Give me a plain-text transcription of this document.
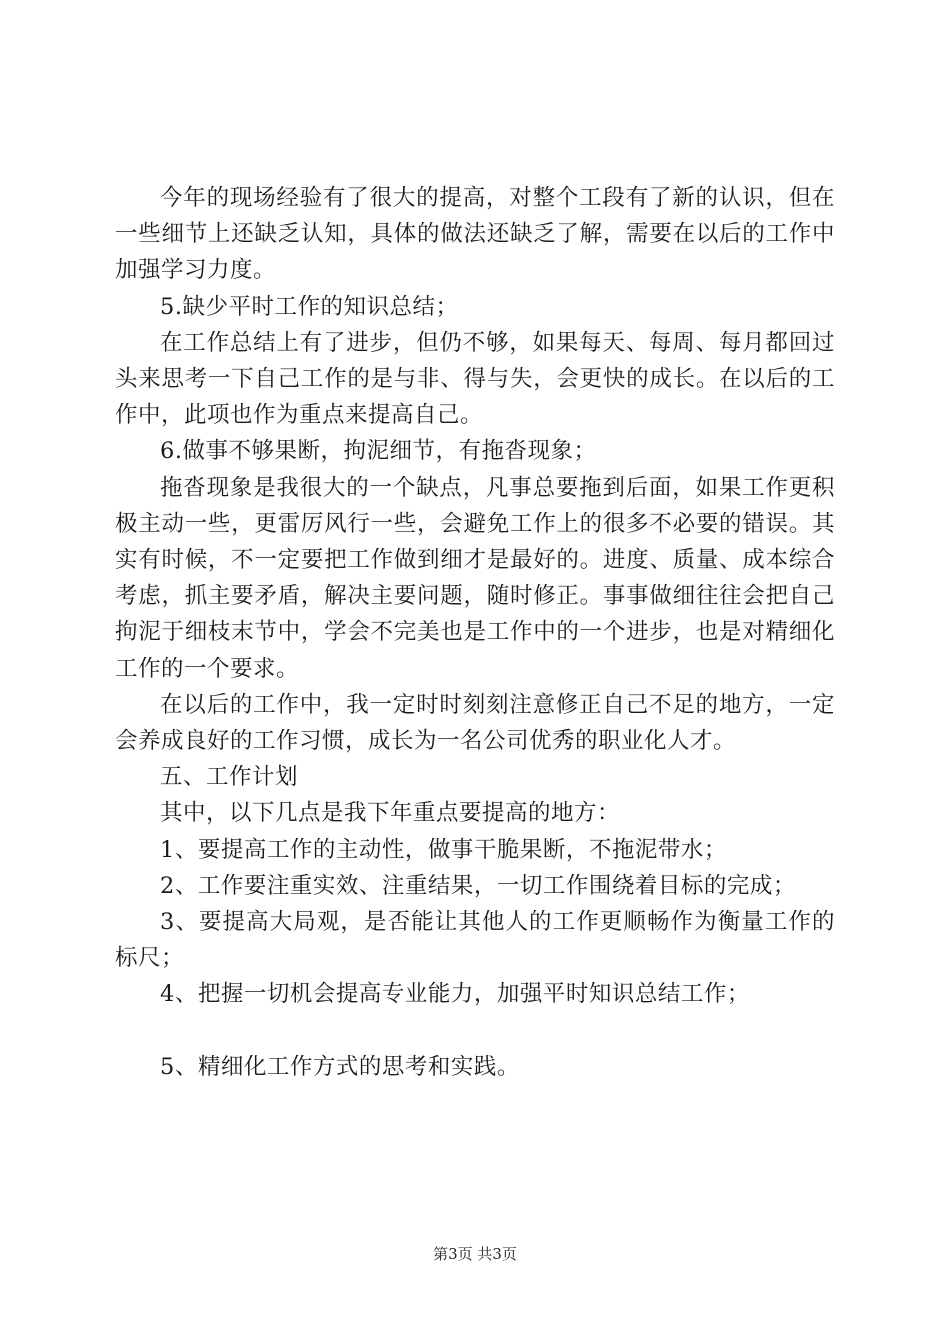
今年的现场经验有了很大的提高，对整个工段有了新的认识，但在一些细节上还缺乏认知，具体的做法还缺乏了解，需要在以后的工作中加强学习力度。

5.缺少平时工作的知识总结；

在工作总结上有了进步，但仍不够，如果每天、每周、每月都回过头来思考一下自己工作的是与非、得与失，会更快的成长。在以后的工作中，此项也作为重点来提高自己。

6.做事不够果断，拘泥细节，有拖沓现象；

拖沓现象是我很大的一个缺点，凡事总要拖到后面，如果工作更积极主动一些，更雷厉风行一些，会避免工作上的很多不必要的错误。其实有时候，不一定要把工作做到细才是最好的。进度、质量、成本综合考虑，抓主要矛盾，解决主要问题，随时修正。事事做细往往会把自己拘泥于细枝末节中，学会不完美也是工作中的一个进步，也是对精细化工作的一个要求。

在以后的工作中，我一定时时刻刻注意修正自己不足的地方，一定会养成良好的工作习惯，成长为一名公司优秀的职业化人才。

五、工作计划

其中，以下几点是我下年重点要提高的地方：

1、要提高工作的主动性，做事干脆果断，不拖泥带水；

2、工作要注重实效、注重结果，一切工作围绕着目标的完成；

3、要提高大局观，是否能让其他人的工作更顺畅作为衡量工作的标尺；

4、把握一切机会提高专业能力，加强平时知识总结工作；

5、精细化工作方式的思考和实践。

第3页 共3页
